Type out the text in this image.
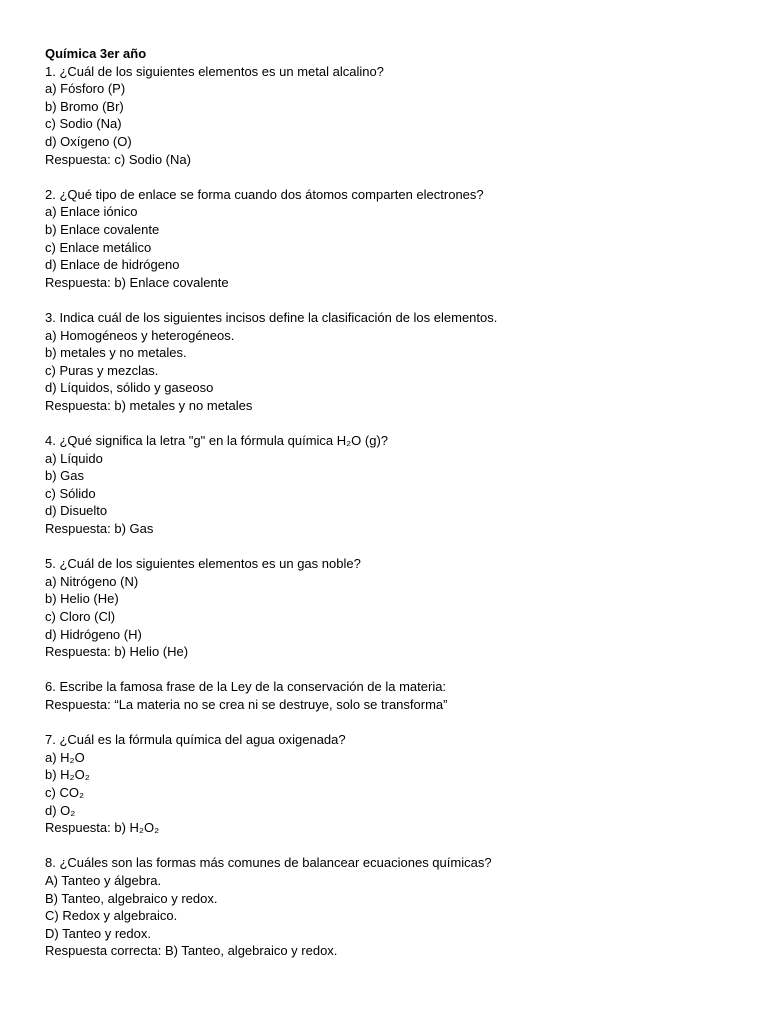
Química 3er año
1. ¿Cuál de los siguientes elementos es un metal alcalino?
a) Fósforo (P)
b) Bromo (Br)
c) Sodio (Na)
d) Oxígeno (O)
Respuesta: c) Sodio (Na)
2. ¿Qué tipo de enlace se forma cuando dos átomos comparten electrones?
a) Enlace iónico
b) Enlace covalente
c) Enlace metálico
d) Enlace de hidrógeno
Respuesta: b) Enlace covalente
3. Indica cuál de los siguientes incisos define la clasificación de los elementos.
a) Homogéneos y heterogéneos.
b) metales y no metales.
c) Puras y mezclas.
d) Líquidos, sólido y gaseoso
Respuesta: b) metales y no metales
4. ¿Qué significa la letra "g" en la fórmula química H₂O (g)?
a) Líquido
b) Gas
c) Sólido
d) Disuelto
Respuesta: b) Gas
5. ¿Cuál de los siguientes elementos es un gas noble?
a) Nitrógeno (N)
b) Helio (He)
c) Cloro (Cl)
d) Hidrógeno (H)
Respuesta: b) Helio (He)
6. Escribe la famosa frase de la Ley de la conservación de la materia:
Respuesta: “La materia no se crea ni se destruye, solo se transforma”
7. ¿Cuál es la fórmula química del agua oxigenada?
a) H₂O
b) H₂O₂
c) CO₂
d) O₂
Respuesta: b) H₂O₂
8. ¿Cuáles son las formas más comunes de balancear ecuaciones químicas?
A) Tanteo y álgebra.
B) Tanteo, algebraico y redox.
C) Redox y algebraico.
D) Tanteo y redox.
Respuesta correcta: B) Tanteo, algebraico y redox.
